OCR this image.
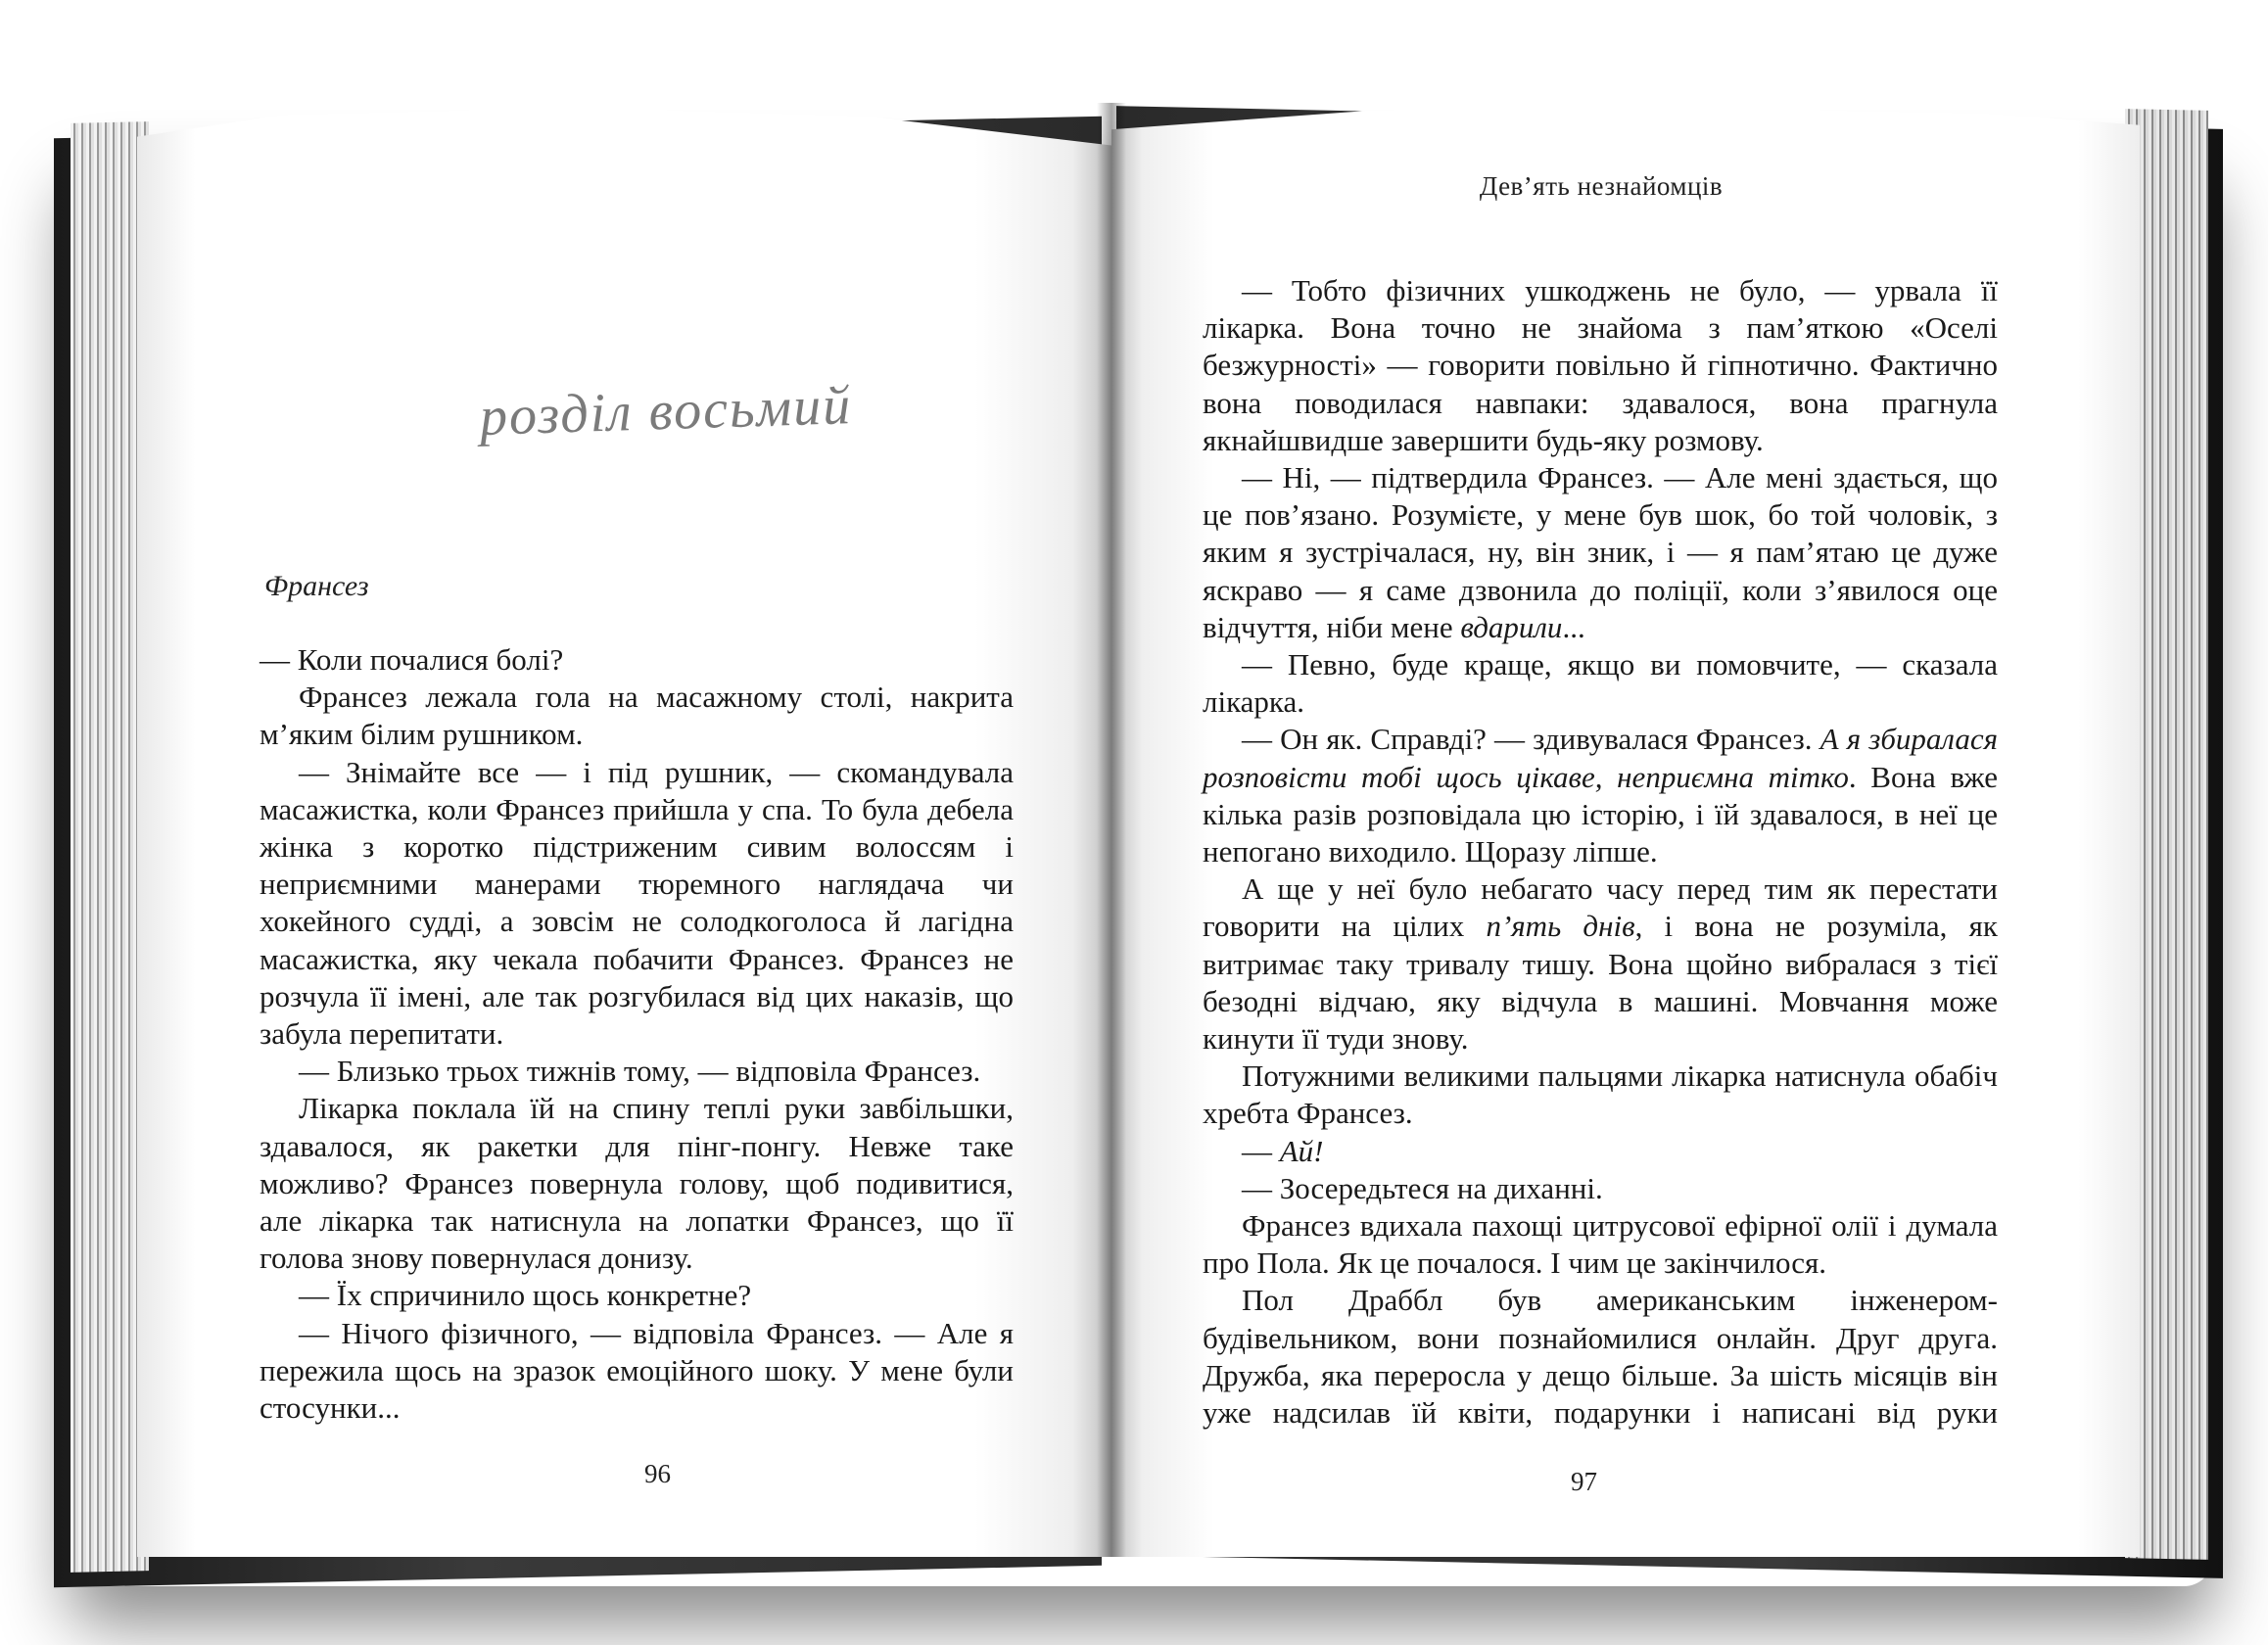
розділ восьмий
Франсез

— Коли почалися болі?

Франсез лежала гола на масажному столі, накрита м’яким білим рушником.

— Знімайте все — і під рушник, — скомандувала масажистка, коли Франсез прийшла у спа. То була дебела жінка з коротко підстриженим сивим волоссям і неприємними манерами тюремного наглядача чи хокейного судді, а зовсім не солодкоголоса й лагідна масажистка, яку чекала побачити Франсез. Франсез не розчула її імені, але так розгубилася від цих наказів, що забула перепитати.

— Близько трьох тижнів тому, — відповіла Франсез.

Лікарка поклала їй на спину теплі руки завбільшки, здавалося, як ракетки для пінг-понгу. Невже таке можливо? Франсез повернула голову, щоб подивитися, але лікарка так натиснула на лопатки Франсез, що її голова знову повернулася донизу.

— Їх спричинило щось конкретне?

— Нічого фізичного, — відповіла Франсез. — Але я пережила щось на зразок емоційного шоку. У мене були стосунки...

96
Дев’ять незнайомців

— Тобто фізичних ушкоджень не було, — урвала її лікарка. Вона точно не знайома з пам’яткою «Оселі безжурності» — говорити повільно й гіпнотично. Фактично вона поводилася навпаки: здавалося, вона прагнула якнайшвидше завершити будь-яку розмову.

— Ні, — підтвердила Франсез. — Але мені здається, що це пов’язано. Розумієте, у мене був шок, бо той чоловік, з яким я зустрічалася, ну, він зник, і — я пам’ятаю це дуже яскраво — я саме дзвонила до поліції, коли з’явилося оце відчуття, ніби мене вдарили...

— Певно, буде краще, якщо ви помовчите, — сказала лікарка.

— Он як. Справді? — здивувалася Франсез. А я збиралася розповісти тобі щось цікаве, неприємна тітко. Вона вже кілька разів розповідала цю історію, і їй здавалося, в неї це непогано виходило. Щоразу ліпше.

А ще у неї було небагато часу перед тим як перестати говорити на цілих п’ять днів, і вона не розуміла, як витримає таку тривалу тишу. Вона щойно вибралася з тієї безодні відчаю, яку відчула в машині. Мовчання може кинути її туди знову.

Потужними великими пальцями лікарка натиснула обабіч хребта Франсез.

— Ай!

— Зосередьтеся на диханні.

Франсез вдихала пахощі цитрусової ефірної олії і думала про Пола. Як це почалося. І чим це закінчилося.

Пол Драббл був американським інженером-будівельником, вони познайомилися онлайн. Друг друга. Дружба, яка переросла у дещо більше. За шість місяців він уже надсилав їй квіти, подарунки і написані від руки

97
